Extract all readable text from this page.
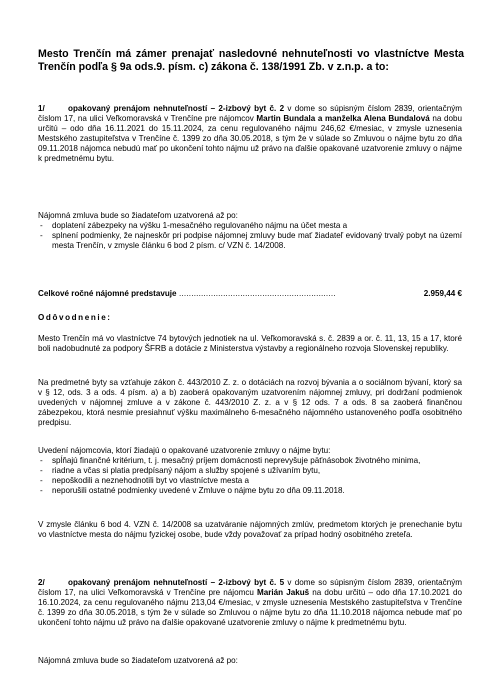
Mesto Trenčín má zámer prenajať nasledovné nehnuteľnosti vo vlastníctve Mesta Trenčín podľa § 9a ods.9. písm. c) zákona č. 138/1991 Zb. v z.n.p. a to:

1/	opakovaný prenájom nehnuteľností – 2-izbový byt č. 2 v dome so súpisným číslom 2839, orientačným číslom 17, na ulici Veľkomoravská v Trenčíne pre nájomcov Martin Bundala a manželka Alena Bundalová na dobu určitú – odo dňa 16.11.2021 do 15.11.2024, za cenu regulovaného nájmu 246,62 €/mesiac, v zmysle uznesenia Mestského zastupiteľstva v Trenčíne č. 1399 zo dňa 30.05.2018, s tým že v súlade so Zmluvou o nájme bytu zo dňa 09.11.2018 nájomca nebudú mať po ukončení tohto nájmu už právo na ďalšie opakované uzatvorenie zmluvy o nájme k predmetnému bytu.

Nájomná zmluva bude so žiadateľom uzatvorená až po:
- doplatení zábezpeky na výšku 1-mesačného regulovaného nájmu na účet mesta a
- splnení podmienky, že najneskôr pri podpise nájomnej zmluvy bude mať žiadateľ evidovaný trvalý pobyt na území mesta Trenčín, v zmysle článku 6 bod 2 písm. c/ VZN č. 14/2008.
Celkové ročné nájomné predstavuje ................................................................	2.959,44 €
Odôvodnenie:

Mesto Trenčín má vo vlastníctve 74 bytových jednotiek na ul. Veľkomoravská s. č. 2839 a or. č. 11, 13, 15 a 17, ktoré boli nadobudnuté za podpory ŠFRB a dotácie z Ministerstva výstavby a regionálneho rozvoja Slovenskej republiky.

Na predmetné byty sa vzťahuje zákon č. 443/2010 Z. z. o dotáciách na rozvoj bývania a o sociálnom bývaní, ktorý sa v § 12, ods. 3 a ods. 4 písm. a) a b) zaoberá opakovaným uzatvorením nájomnej zmluvy, pri dodržaní podmienok uvedených v nájomnej zmluve a v zákone č. 443/2010 Z. z. a v § 12 ods. 7 a ods. 8 sa zaoberá finančnou zábezpekou, ktorá nesmie presiahnuť výšku maximálneho 6-mesačného nájomného ustanoveného podľa osobitného predpisu.

Uvedení nájomcovia, ktorí žiadajú o opakované uzatvorenie zmluvy o nájme bytu:
- spĺňajú finančné kritérium, t. j. mesačný príjem domácnosti neprevyšuje päťnásobok životného minima,
- riadne a včas si platia predpísaný nájom a služby spojené s užívaním bytu,
- nepoškodili a neznehodnotili byt vo vlastníctve mesta a
- neporušili ostatné podmienky uvedené v Zmluve o nájme bytu zo dňa 09.11.2018.

V zmysle článku 6 bod 4. VZN č. 14/2008 sa uzatváranie nájomných zmlúv, predmetom ktorých je prenechanie bytu vo vlastníctve mesta do nájmu fyzickej osobe, bude vždy považovať za prípad hodný osobitného zreteľa.

2/	opakovaný prenájom nehnuteľností – 2-izbový byt č. 5 v dome so súpisným číslom 2839, orientačným číslom 17, na ulici Veľkomoravská v Trenčíne pre nájomcu Marián Jakuš na dobu určitú – odo dňa 17.10.2021 do 16.10.2024, za cenu regulovaného nájmu 213,04 €/mesiac, v zmysle uznesenia Mestského zastupiteľstva v Trenčíne č. 1399 zo dňa 30.05.2018, s tým že v súlade so Zmluvou o nájme bytu zo dňa 11.10.2018 nájomca nebude mať po ukončení tohto nájmu už právo na ďalšie opakované uzatvorenie zmluvy o nájme k predmetnému bytu.

Nájomná zmluva bude so žiadateľom uzatvorená až po:
